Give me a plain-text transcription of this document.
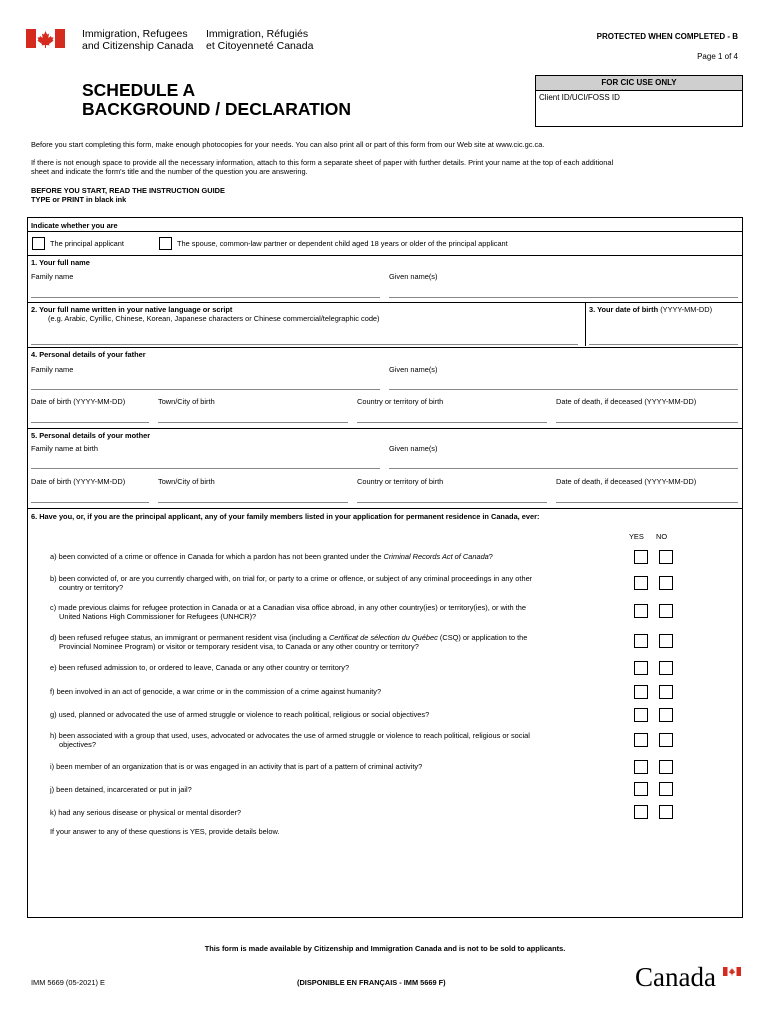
Immigration, Refugees
and Citizenship Canada
Immigration, Réfugiés
et Citoyenneté Canada
PROTECTED WHEN COMPLETED - B
Page 1 of 4
SCHEDULE A
BACKGROUND / DECLARATION
FOR CIC USE ONLY
Client ID/UCI/FOSS ID
Before you start completing this form, make enough photocopies for your needs. You can also print all or part of this form from our Web site at www.cic.gc.ca.
If there is not enough space to provide all the necessary information, attach to this form a separate sheet of paper with further details. Print your name at the top of each additional
sheet and indicate the form's title and the number of the question you are answering.
BEFORE YOU START, READ THE INSTRUCTION GUIDE
TYPE or PRINT in black ink
Indicate whether you are
The principal applicant	The spouse, common-law partner or dependent child aged 18 years or older of the principal applicant
1. Your full name
Family name	Given name(s)
2. Your full name written in your native language or script
(e.g. Arabic, Cyrillic, Chinese, Korean, Japanese characters or Chinese commercial/telegraphic code)
3. Your date of birth (YYYY-MM-DD)
4. Personal details of your father
Family name	Given name(s)
Date of birth (YYYY-MM-DD)	Town/City of birth	Country or territory of birth	Date of death, if deceased (YYYY-MM-DD)
5. Personal details of your mother
Family name at birth	Given name(s)
Date of birth (YYYY-MM-DD)	Town/City of birth	Country or territory of birth	Date of death, if deceased (YYYY-MM-DD)
6. Have you, or, if you are the principal applicant, any of your family members listed in your application for permanent residence in Canada, ever:
YES NO
a) been convicted of a crime or offence in Canada for which a pardon has not been granted under the Criminal Records Act of Canada?
b) been convicted of, or are you currently charged with, on trial for, or party to a crime or offence, or subject of any criminal proceedings in any other
country or territory?
c) made previous claims for refugee protection in Canada or at a Canadian visa office abroad, in any other country(ies) or territory(ies), or with the
United Nations High Commissioner for Refugees (UNHCR)?
d) been refused refugee status, an immigrant or permanent resident visa (including a Certificat de sélection du Québec (CSQ) or application to the
Provincial Nominee Program) or visitor or temporary resident visa, to Canada or any other country or territory?
e) been refused admission to, or ordered to leave, Canada or any other country or territory?
f) been involved in an act of genocide, a war crime or in the commission of a crime against humanity?
g) used, planned or advocated the use of armed struggle or violence to reach political, religious or social objectives?
h) been associated with a group that used, uses, advocated or advocates the use of armed struggle or violence to reach political, religious or social
objectives?
i) been member of an organization that is or was engaged in an activity that is part of a pattern of criminal activity?
j) been detained, incarcerated or put in jail?
k) had any serious disease or physical or mental disorder?
If your answer to any of these questions is YES, provide details below.
This form is made available by Citizenship and Immigration Canada and is not to be sold to applicants.
IMM 5669 (05-2021) E	(DISPONIBLE EN FRANÇAIS - IMM 5669 F)	Canada
